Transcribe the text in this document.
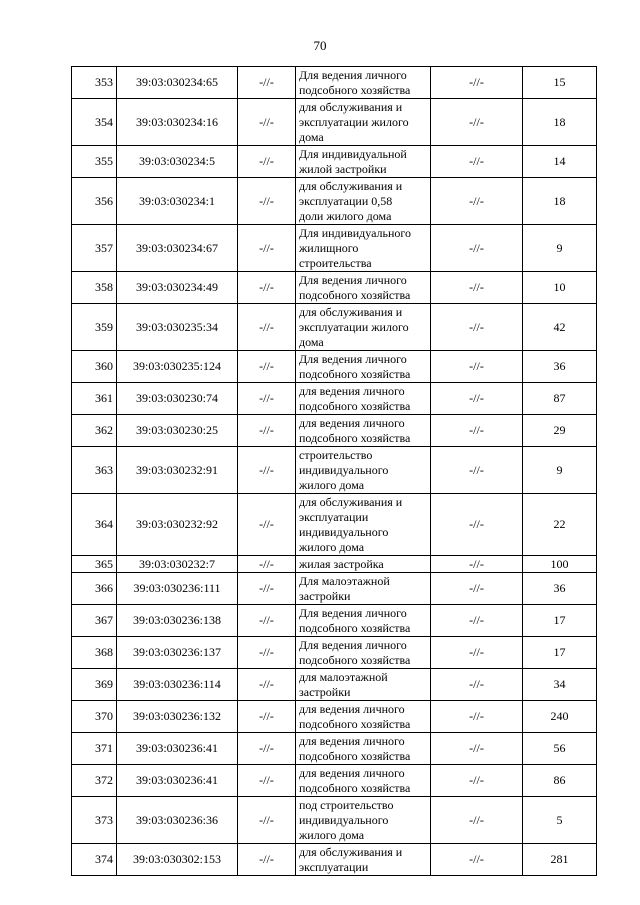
70
353	39:03:030234:65	-//-	Для ведения личного
подсобного хозяйства	-//-	15
354	39:03:030234:16	-//-	для обслуживания и
эксплуатации жилого
дома	-//-	18
355	39:03:030234:5	-//-	Для индивидуальной
жилой застройки	-//-	14
356	39:03:030234:1	-//-	для обслуживания и
эксплуатации 0,58
доли жилого дома	-//-	18
357	39:03:030234:67	-//-	Для индивидуального
жилищного
строительства	-//-	9
358	39:03:030234:49	-//-	Для ведения личного
подсобного хозяйства	-//-	10
359	39:03:030235:34	-//-	для обслуживания и
эксплуатации жилого
дома	-//-	42
360	39:03:030235:124	-//-	Для ведения личного
подсобного хозяйства	-//-	36
361	39:03:030230:74	-//-	для ведения личного
подсобного хозяйства	-//-	87
362	39:03:030230:25	-//-	для ведения личного
подсобного хозяйства	-//-	29
363	39:03:030232:91	-//-	строительство
индивидуального
жилого дома	-//-	9
364	39:03:030232:92	-//-	для обслуживания и
эксплуатации
индивидуального
жилого дома	-//-	22
365	39:03:030232:7	-//-	жилая застройка	-//-	100
366	39:03:030236:111	-//-	Для малоэтажной
застройки	-//-	36
367	39:03:030236:138	-//-	Для ведения личного
подсобного хозяйства	-//-	17
368	39:03:030236:137	-//-	Для ведения личного
подсобного хозяйства	-//-	17
369	39:03:030236:114	-//-	для малоэтажной
застройки	-//-	34
370	39:03:030236:132	-//-	для ведения личного
подсобного хозяйства	-//-	240
371	39:03:030236:41	-//-	для ведения личного
подсобного хозяйства	-//-	56
372	39:03:030236:41	-//-	для ведения личного
подсобного хозяйства	-//-	86
373	39:03:030236:36	-//-	под строительство
индивидуального
жилого дома	-//-	5
374	39:03:030302:153	-//-	для обслуживания и
эксплуатации	-//-	281
